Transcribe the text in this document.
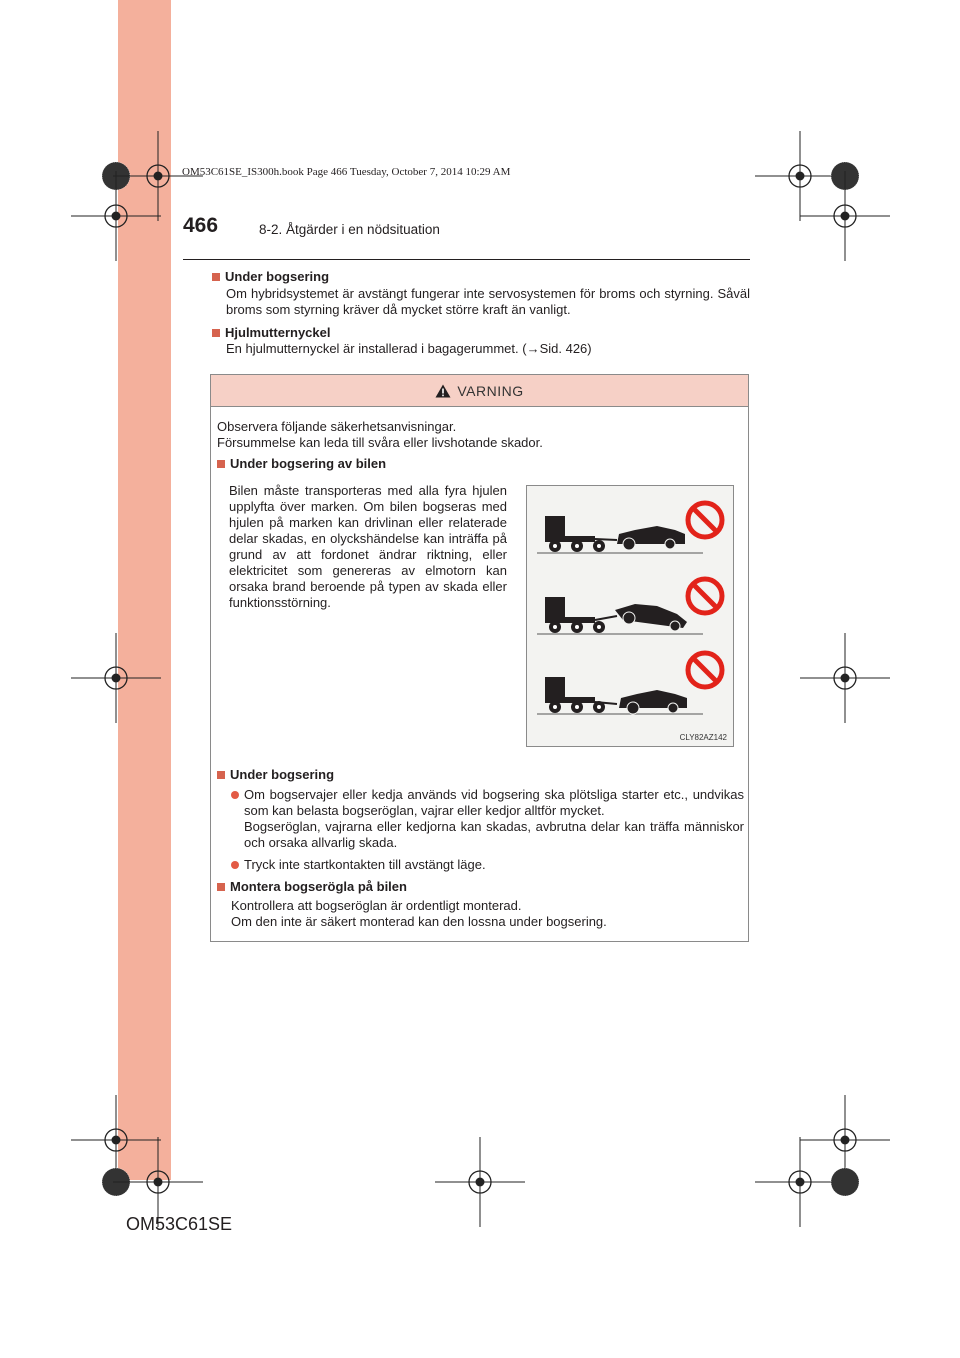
OM53C61SE_IS300h.book Page 466 Tuesday, October 7, 2014 10:29 AM
466	8-2. Åtgärder i en nödsituation
Under bogsering
Om hybridsystemet är avstängt fungerar inte servosystemen för broms och styrning. Såväl broms som styrning kräver då mycket större kraft än vanligt.
Hjulmutternyckel
En hjulmutternyckel är installerad i bagagerummet. (→Sid. 426)
VARNING
Observera följande säkerhetsanvisningar.
Försummelse kan leda till svåra eller livshotande skador.
Under bogsering av bilen
Bilen måste transporteras med alla fyra hjulen upplyfta över marken. Om bilen bogseras med hjulen på marken kan drivlinan eller relaterade delar skadas, en olyckshändelse kan inträffa på grund av att fordonet ändrar riktning, eller elektricitet som genereras av elmotorn kan orsaka brand beroende på typen av skada eller funktionsstörning.
CLY82AZ142
Under bogsering
Om bogservajer eller kedja används vid bogsering ska plötsliga starter etc., undvikas som kan belasta bogseröglan, vajrar eller kedjor alltför mycket.
Bogseröglan, vajrarna eller kedjorna kan skadas, avbrutna delar kan träffa människor och orsaka allvarlig skada.
Tryck inte startkontakten till avstängt läge.
Montera bogserögla på bilen
Kontrollera att bogseröglan är ordentligt monterad.
Om den inte är säkert monterad kan den lossna under bogsering.
OM53C61SE
